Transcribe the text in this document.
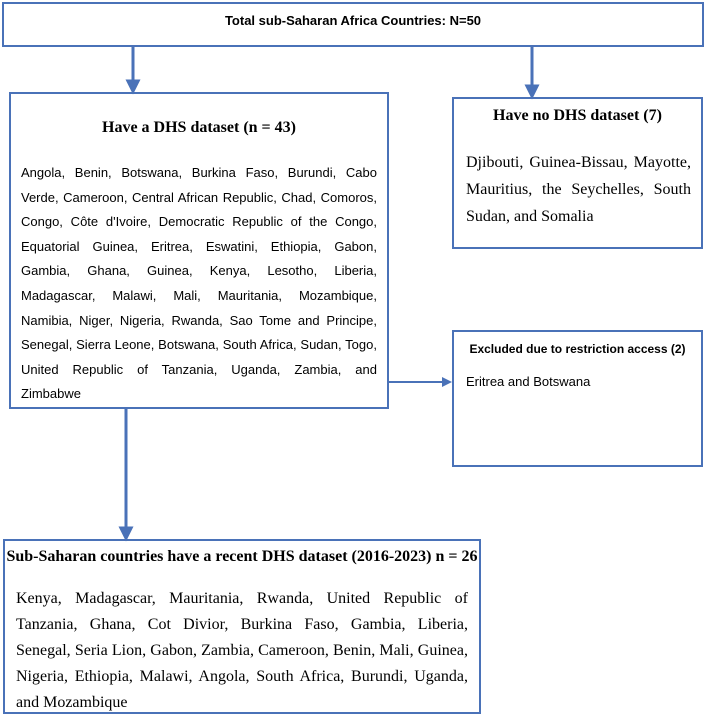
Total sub-Saharan Africa Countries: N=50
Have a DHS dataset (n = 43)
Angola, Benin, Botswana, Burkina Faso, Burundi, Cabo Verde, Cameroon, Central African Republic, Chad, Comoros, Congo, Côte d'Ivoire, Democratic Republic of the Congo, Equatorial Guinea, Eritrea, Eswatini, Ethiopia, Gabon, Gambia, Ghana, Guinea, Kenya, Lesotho, Liberia, Madagascar, Malawi, Mali, Mauritania, Mozambique, Namibia, Niger, Nigeria, Rwanda, Sao Tome and Principe, Senegal, Sierra Leone, Botswana, South Africa, Sudan, Togo, United Republic of Tanzania, Uganda, Zambia, and Zimbabwe
Have no DHS dataset (7)
Djibouti, Guinea-Bissau, Mayotte, Mauritius, the Seychelles, South Sudan, and Somalia
Excluded due to restriction access (2)
Eritrea and Botswana
Sub-Saharan countries have a recent DHS dataset (2016-2023) n = 26
Kenya, Madagascar, Mauritania, Rwanda, United Republic of Tanzania, Ghana, Cot Divior, Burkina Faso, Gambia, Liberia, Senegal, Seria Lion, Gabon, Zambia, Cameroon, Benin, Mali, Guinea, Nigeria, Ethiopia, Malawi, Angola, South Africa, Burundi, Uganda, and Mozambique
